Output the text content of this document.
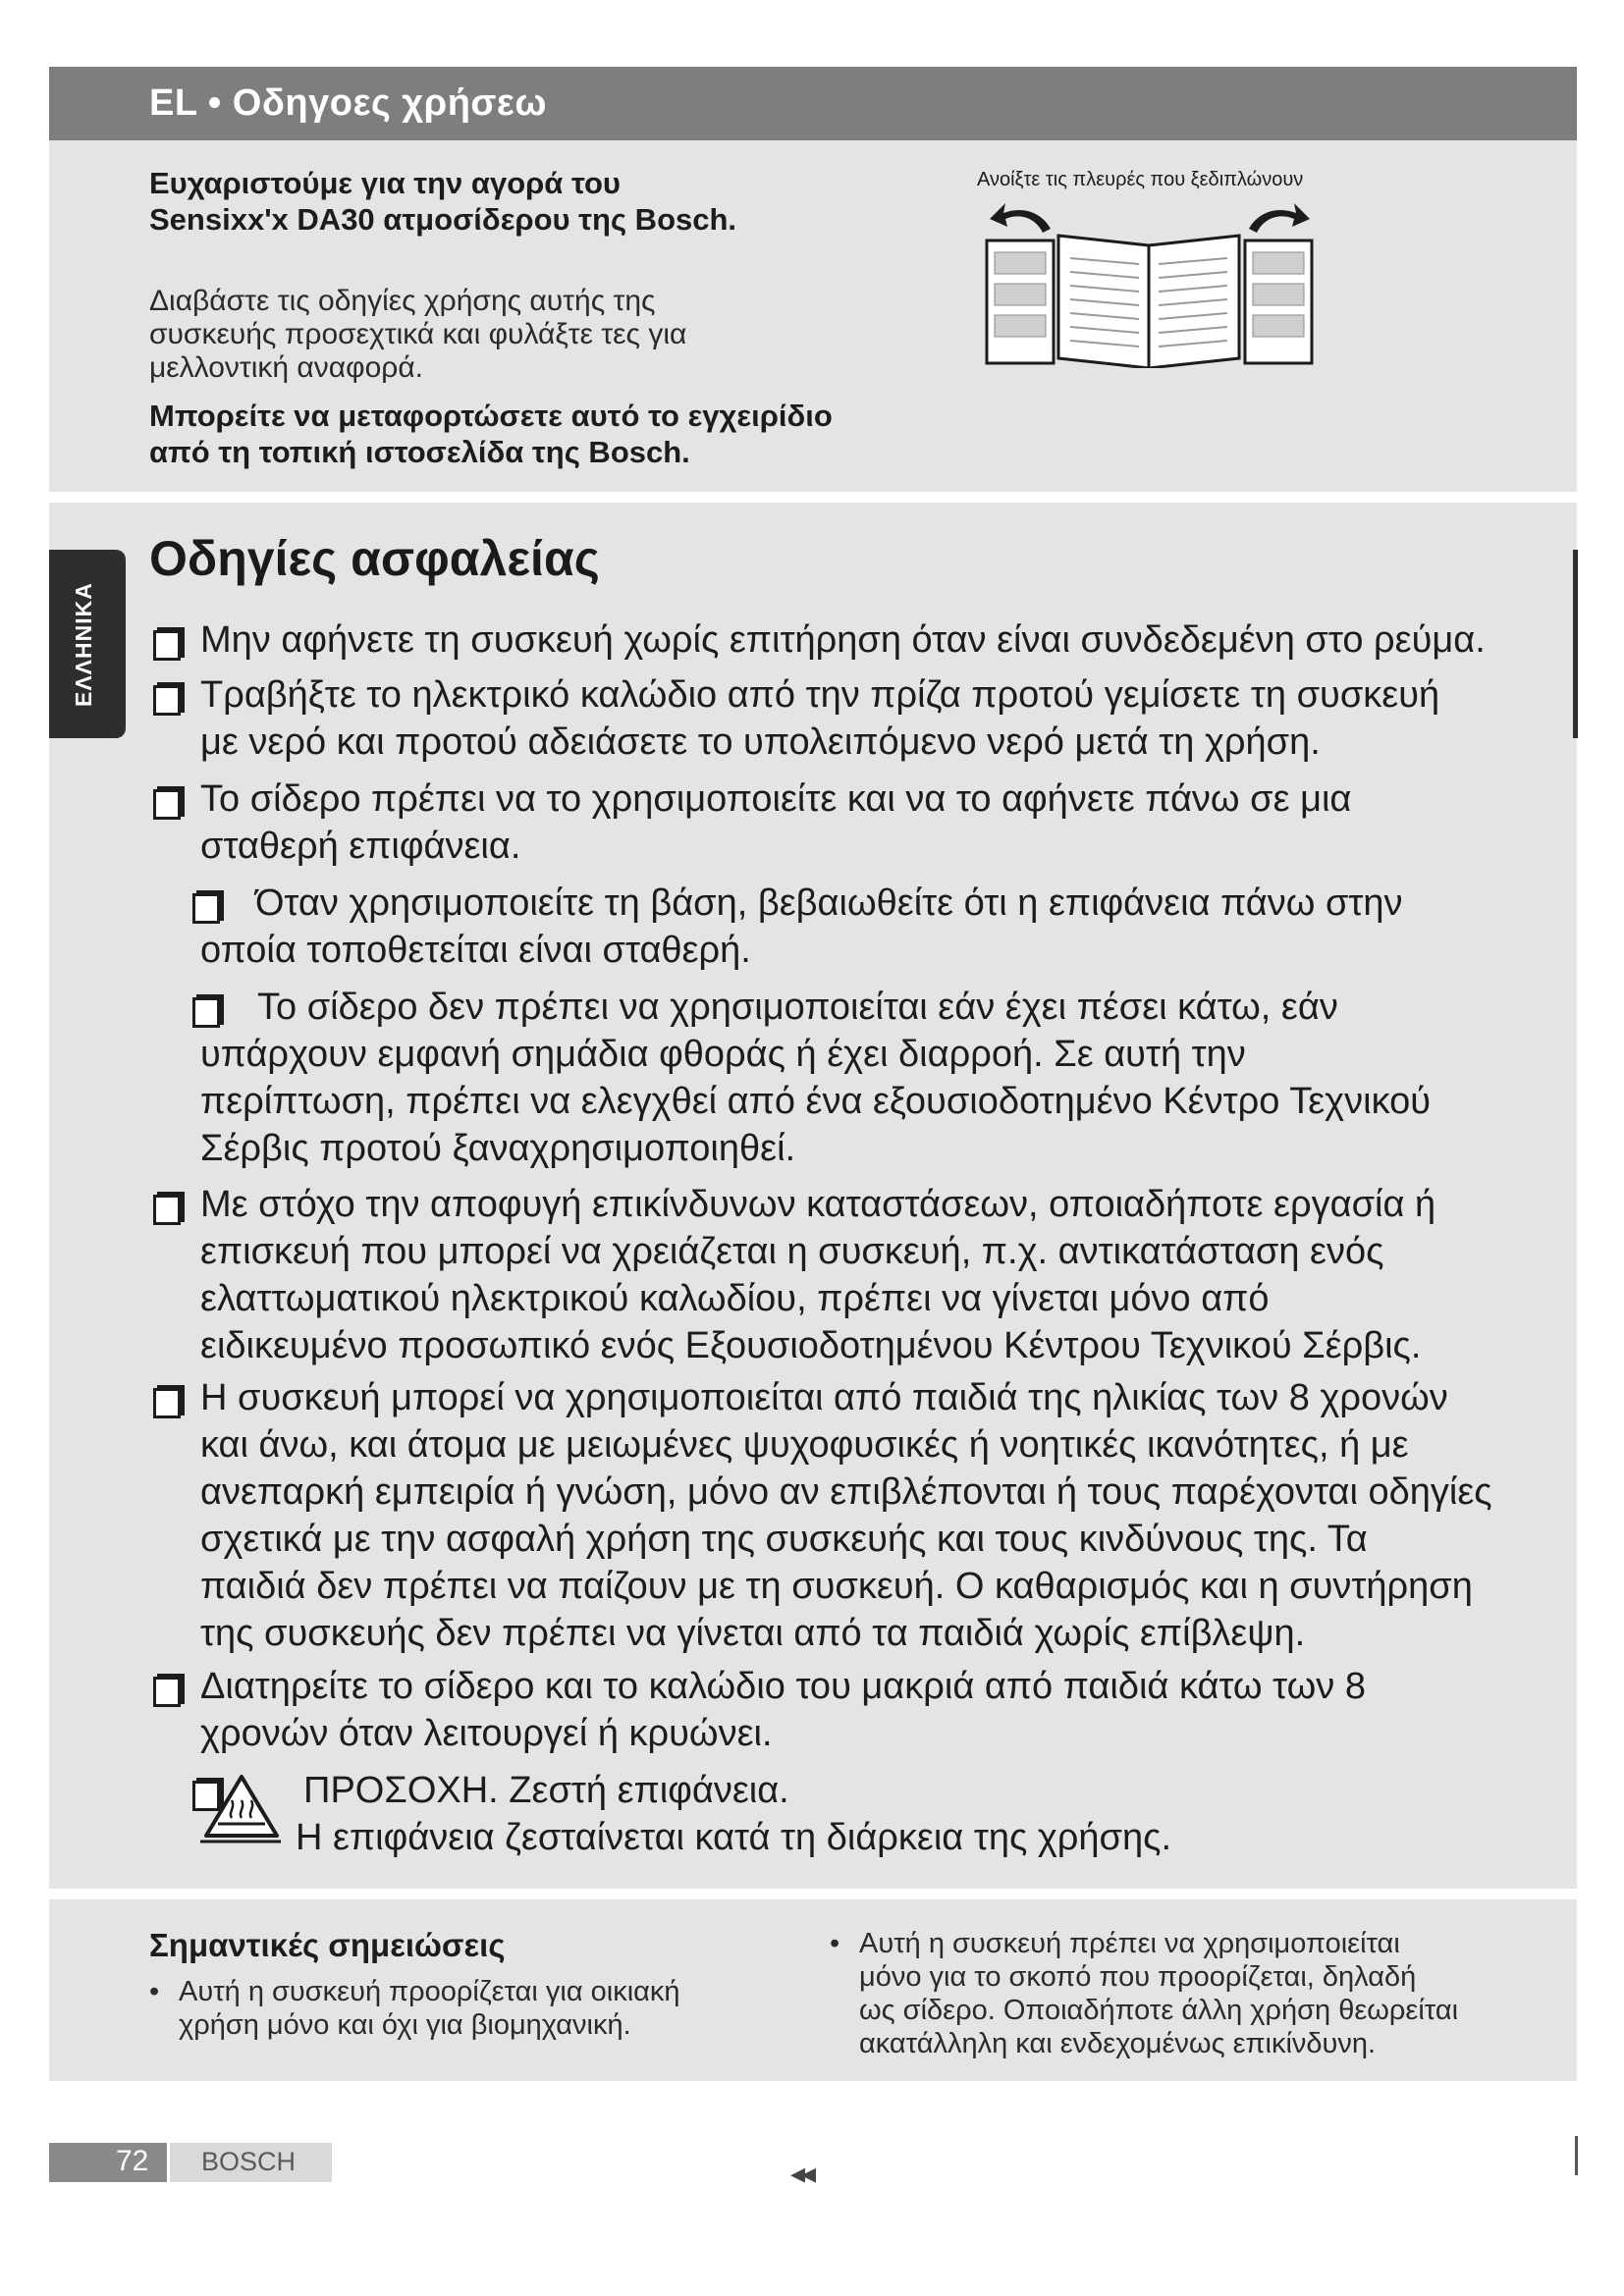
EL • Οδηγοες χρήσεω
Ευχαριστούμε για την αγορά του
Sensixx'x DA30 ατμοσίδερου της Bosch.
Διαβάστε τις οδηγίες χρήσης αυτής της
συσκευής προσεχτικά και φυλάξτε τες για
μελλοντική αναφορά.
Μπορείτε να μεταφορτώσετε αυτό το εγχειρίδιο
από τη τοπική ιστοσελίδα της Bosch.
Ανοίξτε τις πλευρές που ξεδιπλώνουν
ΕΛΛΗΝΙΚΑ
Οδηγίες ασφαλείας
Μην αφήνετε τη συσκευή χωρίς επιτήρηση όταν είναι συνδεδεμένη στο ρεύμα.
Τραβήξτε το ηλεκτρικό καλώδιο από την πρίζα προτού γεμίσετε τη συσκευή
με νερό και προτού αδειάσετε το υπολειπόμενο νερό μετά τη χρήση.
Το σίδερο πρέπει να το χρησιμοποιείτε και να το αφήνετε πάνω σε μια
σταθερή επιφάνεια.
Όταν χρησιμοποιείτε τη βάση, βεβαιωθείτε ότι η επιφάνεια πάνω στην
οποία τοποθετείται είναι σταθερή.
Το σίδερο δεν πρέπει να χρησιμοποιείται εάν έχει πέσει κάτω, εάν
υπάρχουν εμφανή σημάδια φθοράς ή έχει διαρροή. Σε αυτή την
περίπτωση, πρέπει να ελεγχθεί από ένα εξουσιοδοτημένο Κέντρο Τεχνικού
Σέρβις προτού ξαναχρησιμοποιηθεί.
Με στόχο την αποφυγή επικίνδυνων καταστάσεων, οποιαδήποτε εργασία ή
επισκευή που μπορεί να χρειάζεται η συσκευή, π.χ. αντικατάσταση ενός
ελαττωματικού ηλεκτρικού καλωδίου, πρέπει να γίνεται μόνο από
ειδικευμένο προσωπικό ενός Εξουσιοδοτημένου Κέντρου Τεχνικού Σέρβις.
Η συσκευή μπορεί να χρησιμοποιείται από παιδιά της ηλικίας των 8 χρονών
και άνω, και άτομα με μειωμένες ψυχοφυσικές ή νοητικές ικανότητες, ή με
ανεπαρκή εμπειρία ή γνώση, μόνο αν επιβλέπονται ή τους παρέχονται οδηγίες
σχετικά με την ασφαλή χρήση της συσκευής και τους κινδύνους της. Τα
παιδιά δεν πρέπει να παίζουν με τη συσκευή. Ο καθαρισμός και η συντήρηση
της συσκευής δεν πρέπει να γίνεται από τα παιδιά χωρίς επίβλεψη.
Διατηρείτε το σίδερο και το καλώδιο του μακριά από παιδιά κάτω των 8
χρονών όταν λειτουργεί ή κρυώνει.
ΠΡΟΣΟΧΗ. Ζεστή επιφάνεια.
Η επιφάνεια ζεσταίνεται κατά τη διάρκεια της χρήσης.
Σημαντικές σημειώσεις
• Αυτή η συσκευή προορίζεται για οικιακή
χρήση μόνο και όχι για βιομηχανική.
• Αυτή η συσκευή πρέπει να χρησιμοποιείται
μόνο για το σκοπό που προορίζεται, δηλαδή
ως σίδερο. Οποιαδήποτε άλλη χρήση θεωρείται
ακατάλληλη και ενδεχομένως επικίνδυνη.
72 BOSCH	◂◂
